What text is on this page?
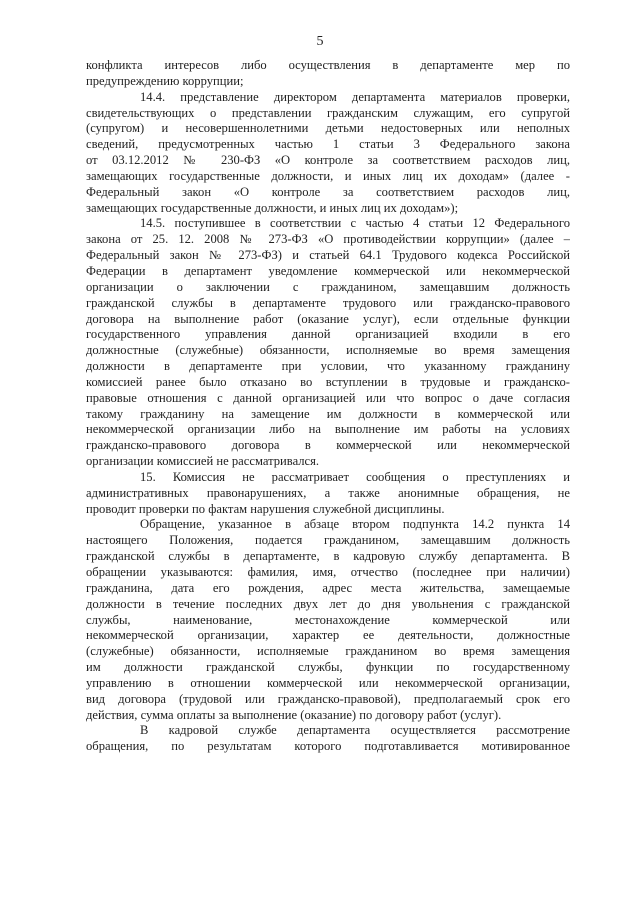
5
конфликта интересов либо осуществления в департаменте мер по
предупреждению коррупции;
14.4. представление директором департамента материалов проверки,
свидетельствующих о представлении гражданским служащим, его супругой
(супругом) и несовершеннолетними детьми недостоверных или неполных
сведений, предусмотренных частью 1 статьи 3 Федерального закона
от 03.12.2012 № 230-ФЗ «О контроле за соответствием расходов лиц,
замещающих государственные должности, и иных лиц их доходам» (далее -
Федеральный закон «О контроле за соответствием расходов лиц,
замещающих государственные должности, и иных лиц их доходам»);
14.5. поступившее в соответствии с частью 4 статьи 12 Федерального
закона от 25. 12. 2008 № 273-ФЗ «О противодействии коррупции» (далее –
Федеральный закон № 273-ФЗ) и статьей 64.1 Трудового кодекса Российской
Федерации в департамент уведомление коммерческой или некоммерческой
организации о заключении с гражданином, замещавшим должность
гражданской службы в департаменте трудового или гражданско-правового
договора на выполнение работ (оказание услуг), если отдельные функции
государственного управления данной организацией входили в его
должностные (служебные) обязанности, исполняемые во время замещения
должности в департаменте при условии, что указанному гражданину
комиссией ранее было отказано во вступлении в трудовые и гражданско-
правовые отношения с данной организацией или что вопрос о даче согласия
такому гражданину на замещение им должности в коммерческой или
некоммерческой организации либо на выполнение им работы на условиях
гражданско-правового договора в коммерческой или некоммерческой
организации комиссией не рассматривался.
15. Комиссия не рассматривает сообщения о преступлениях и
административных правонарушениях, а также анонимные обращения, не
проводит проверки по фактам нарушения служебной дисциплины.
Обращение, указанное в абзаце втором подпункта 14.2 пункта 14
настоящего Положения, подается гражданином, замещавшим должность
гражданской службы в департаменте, в кадровую службу департамента. В
обращении указываются: фамилия, имя, отчество (последнее при наличии)
гражданина, дата его рождения, адрес места жительства, замещаемые
должности в течение последних двух лет до дня увольнения с гражданской
службы, наименование, местонахождение коммерческой или
некоммерческой организации, характер ее деятельности, должностные
(служебные) обязанности, исполняемые гражданином во время замещения
им должности гражданской службы, функции по государственному
управлению в отношении коммерческой или некоммерческой организации,
вид договора (трудовой или гражданско-правовой), предполагаемый срок его
действия, сумма оплаты за выполнение (оказание) по договору работ (услуг).
В кадровой службе департамента осуществляется рассмотрение
обращения, по результатам которого подготавливается мотивированное
